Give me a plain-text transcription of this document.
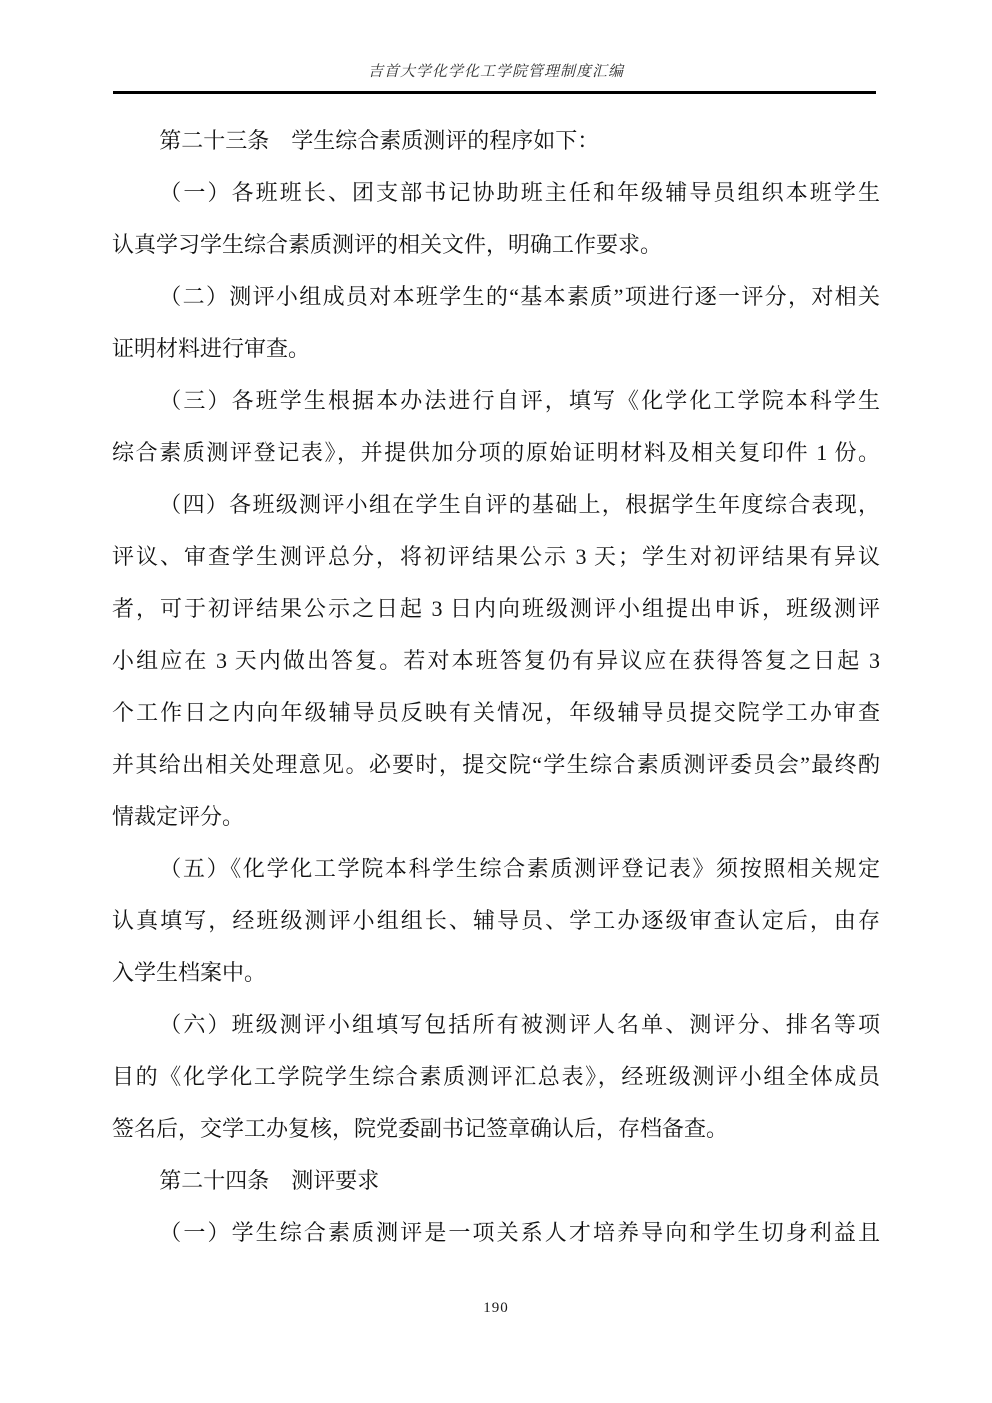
吉首大学化学化工学院管理制度汇编

第二十三条　学生综合素质测评的程序如下：

（一）各班班长、团支部书记协助班主任和年级辅导员组织本班学生

认真学习学生综合素质测评的相关文件，明确工作要求。

（二）测评小组成员对本班学生的“基本素质”项进行逐一评分，对相关

证明材料进行审查。

（三）各班学生根据本办法进行自评，填写《化学化工学院本科学生

综合素质测评登记表》，并提供加分项的原始证明材料及相关复印件 1 份。

（四）各班级测评小组在学生自评的基础上，根据学生年度综合表现，

评议、审查学生测评总分，将初评结果公示 3 天；学生对初评结果有异议

者，可于初评结果公示之日起 3 日内向班级测评小组提出申诉，班级测评

小组应在 3 天内做出答复。若对本班答复仍有异议应在获得答复之日起 3

个工作日之内向年级辅导员反映有关情况，年级辅导员提交院学工办审查

并其给出相关处理意见。必要时，提交院“学生综合素质测评委员会”最终酌

情裁定评分。

（五）《化学化工学院本科学生综合素质测评登记表》须按照相关规定

认真填写，经班级测评小组组长、辅导员、学工办逐级审查认定后，由存

入学生档案中。

（六）班级测评小组填写包括所有被测评人名单、测评分、排名等项

目的《化学化工学院学生综合素质测评汇总表》，经班级测评小组全体成员

签名后，交学工办复核，院党委副书记签章确认后，存档备查。

第二十四条　测评要求

（一）学生综合素质测评是一项关系人才培养导向和学生切身利益且

190
